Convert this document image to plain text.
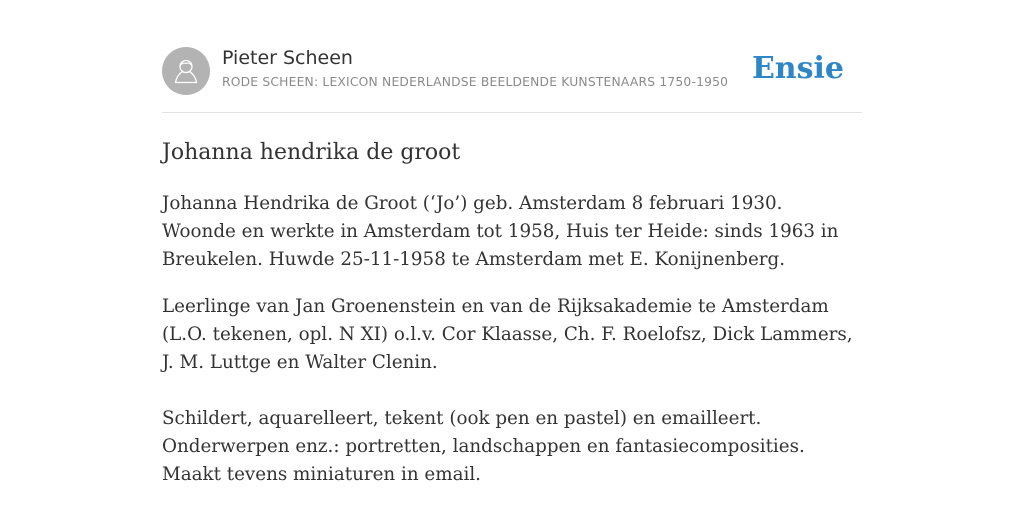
Pieter Scheen
RODE SCHEEN: LEXICON NEDERLANDSE BEELDENDE KUNSTENAARS 1750-1950 Ensie
Johanna hendrika de groot

Johanna Hendrika de Groot (‘Jo’) geb. Amsterdam 8 februari 1930. Woonde en werkte in Amsterdam tot 1958, Huis ter Heide: sinds 1963 in Breukelen. Huwde 25-11-1958 te Amsterdam met E. Konijnenberg.

Leerlinge van Jan Groenenstein en van de Rijksakademie te Amsterdam (L.O. tekenen, opl. N XI) o.l.v. Cor Klaasse, Ch. F. Roelofsz, Dick Lammers, J. M. Luttge en Walter Clenin.

Schildert, aquarelleert, tekent (ook pen en pastel) en emailleert. Onderwerpen enz.: portretten, landschappen en fantasiecomposities. Maakt tevens miniaturen in email.
